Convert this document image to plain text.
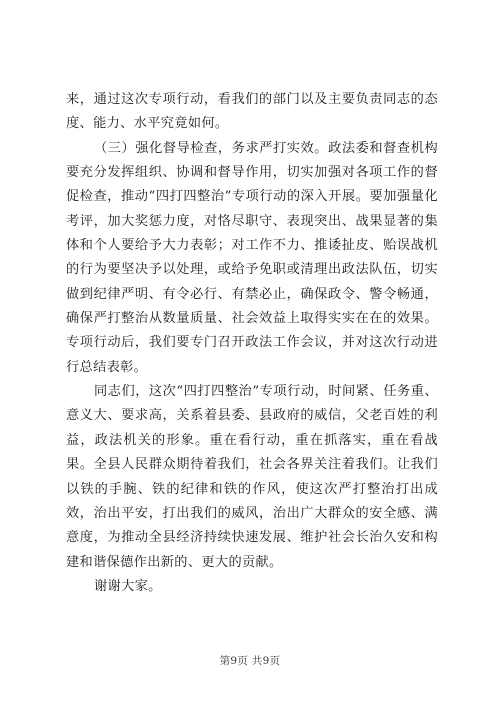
来，通过这次专项行动，看我们的部门以及主要负责同志的态度、能力、水平究竟如何。

（三）强化督导检查，务求严打实效。政法委和督查机构要充分发挥组织、协调和督导作用，切实加强对各项工作的督促检查，推动“四打四整治”专项行动的深入开展。要加强量化考评，加大奖惩力度，对恪尽职守、表现突出、战果显著的集体和个人要给予大力表彰；对工作不力、推诿扯皮、贻误战机的行为要坚决予以处理，或给予免职或清理出政法队伍，切实做到纪律严明、有令必行、有禁必止，确保政令、警令畅通，确保严打整治从数量质量、社会效益上取得实实在在的效果。专项行动后，我们要专门召开政法工作会议，并对这次行动进行总结表彰。

同志们，这次“四打四整治”专项行动，时间紧、任务重、意义大、要求高，关系着县委、县政府的威信，父老百姓的利益，政法机关的形象。重在看行动，重在抓落实，重在看战果。全县人民群众期待着我们，社会各界关注着我们。让我们以铁的手腕、铁的纪律和铁的作风，使这次严打整治打出成效，治出平安，打出我们的威风，治出广大群众的安全感、满意度，为推动全县经济持续快速发展、维护社会长治久安和构建和谐保德作出新的、更大的贡献。

谢谢大家。

第9页 共9页
